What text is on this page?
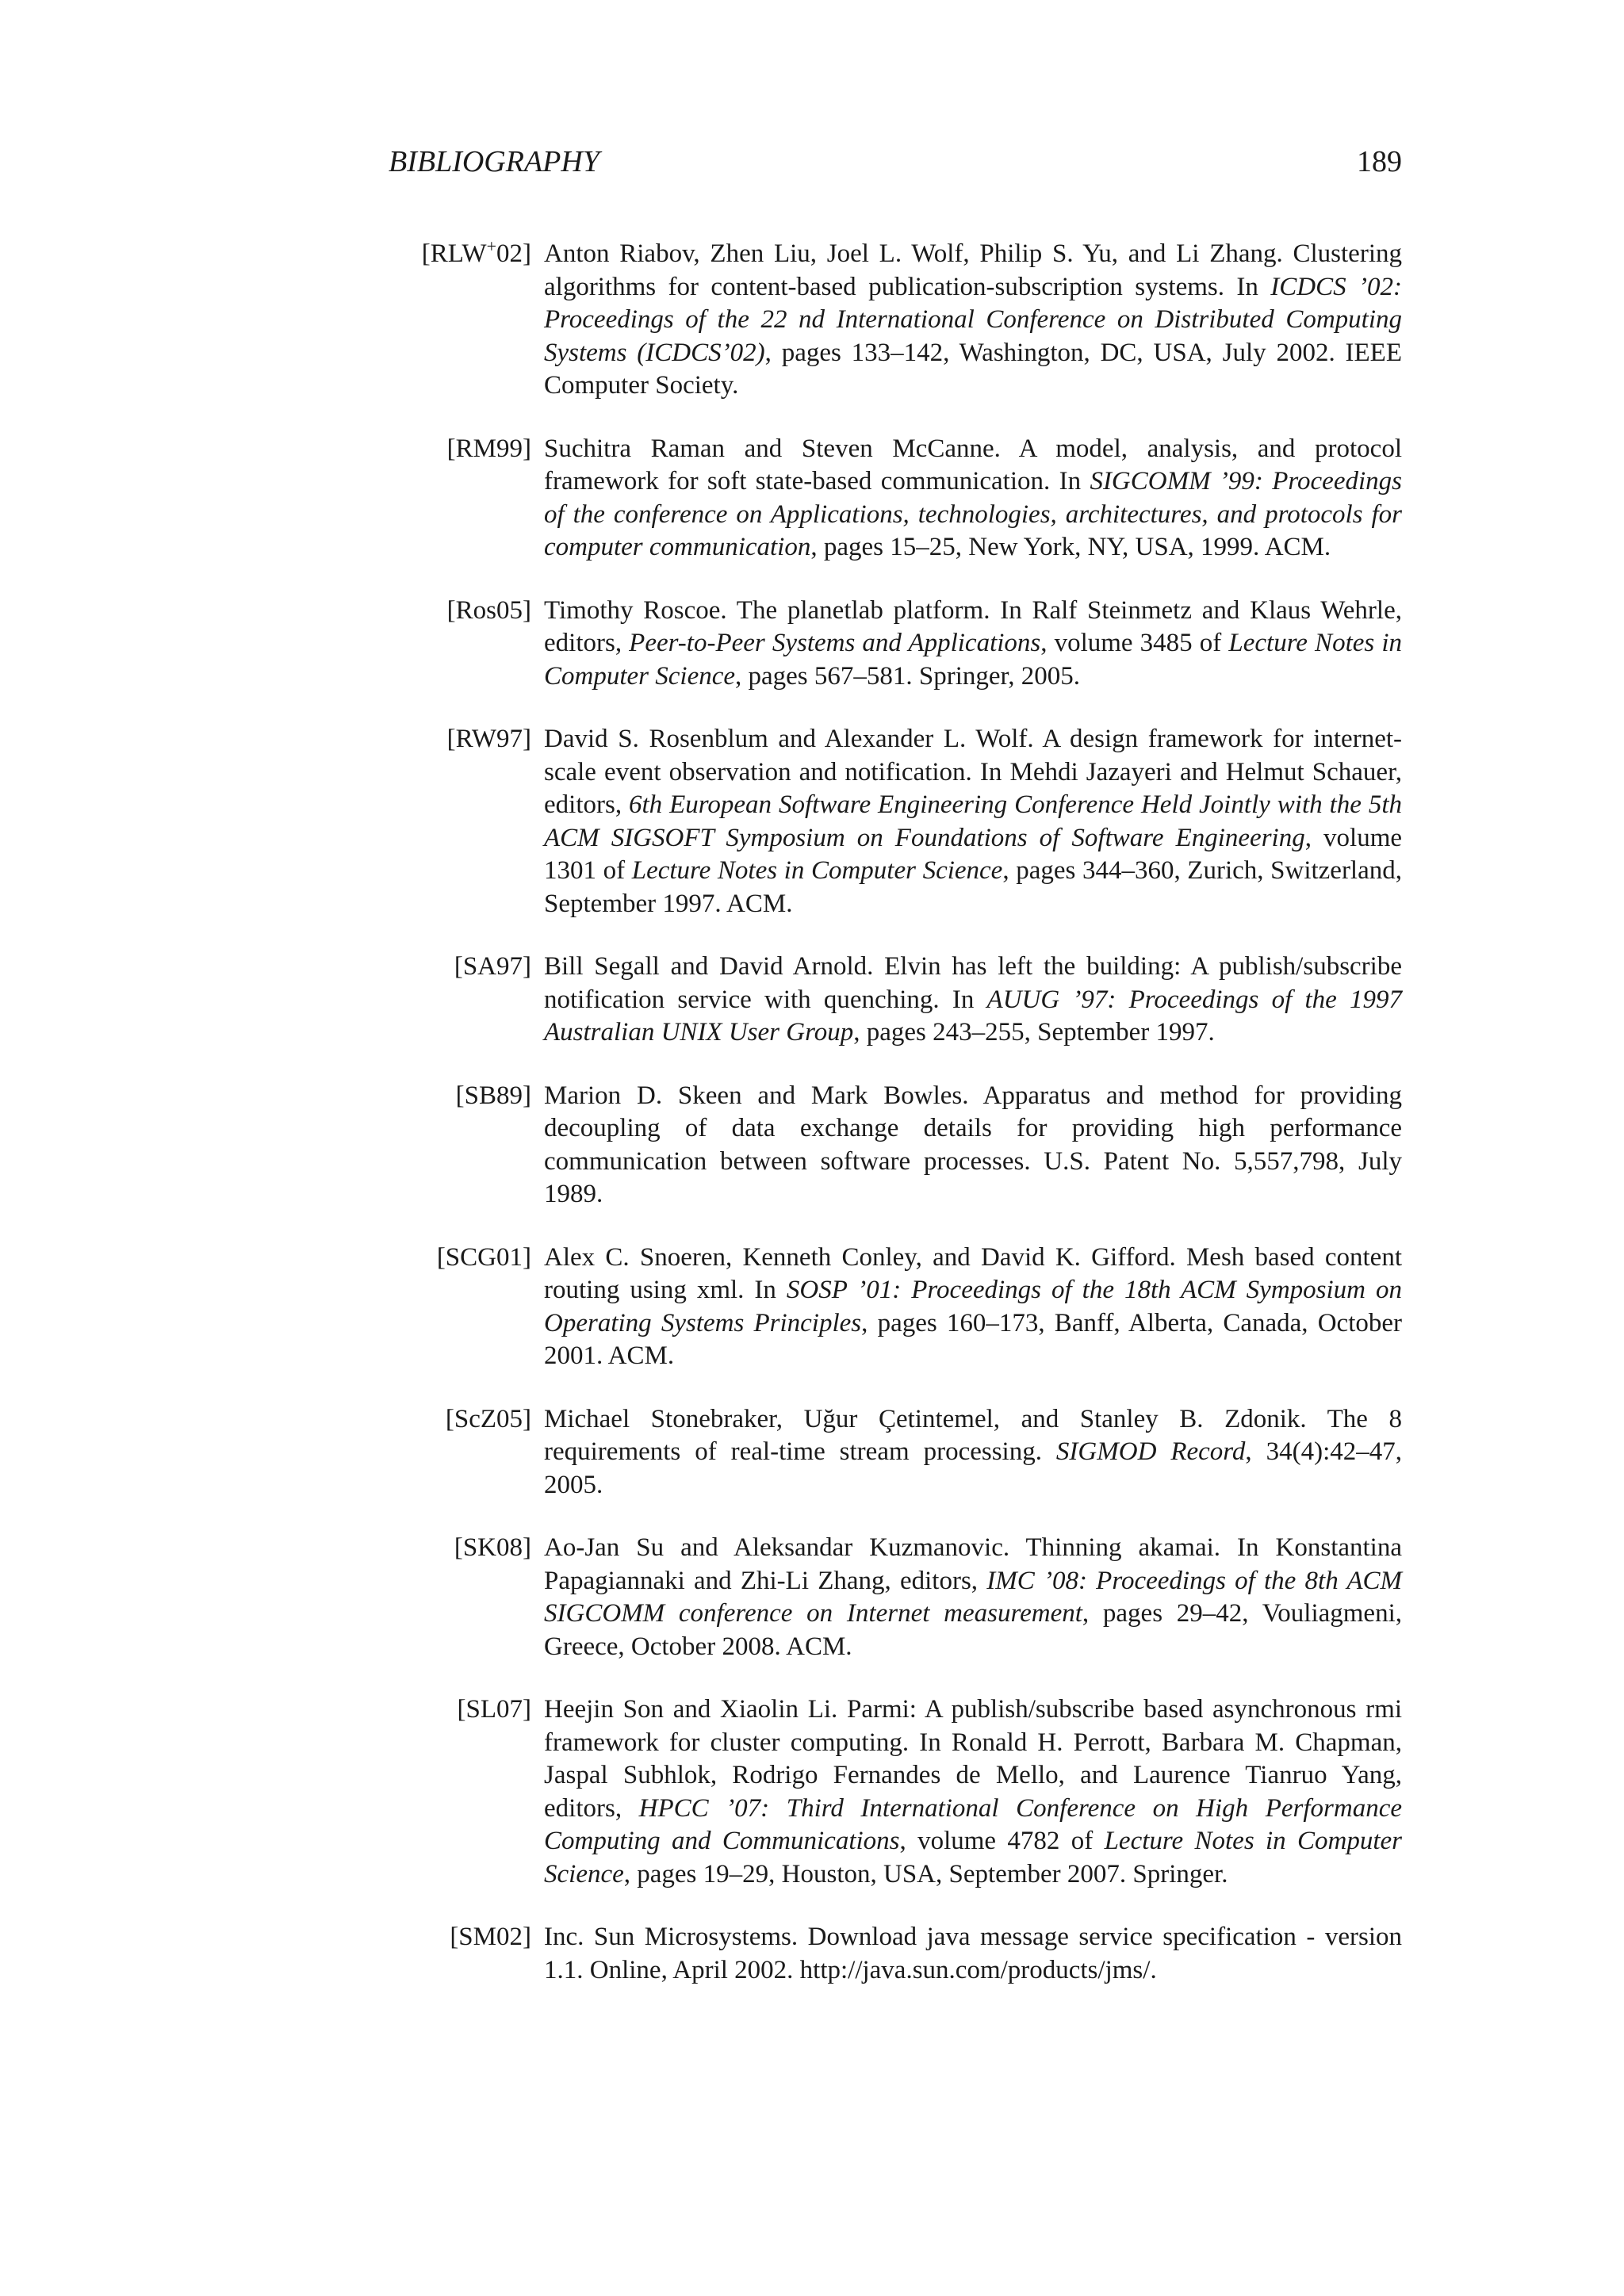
BIBLIOGRAPHY	189
[RLW+02] Anton Riabov, Zhen Liu, Joel L. Wolf, Philip S. Yu, and Li Zhang. Clustering algorithms for content-based publication-subscription systems. In ICDCS ’02: Proceedings of the 22 nd International Conference on Distributed Computing Systems (ICDCS’02), pages 133–142, Washington, DC, USA, July 2002. IEEE Computer Society.
[RM99] Suchitra Raman and Steven McCanne. A model, analysis, and protocol framework for soft state-based communication. In SIGCOMM ’99: Proceedings of the conference on Applications, technologies, architectures, and protocols for computer communication, pages 15–25, New York, NY, USA, 1999. ACM.
[Ros05] Timothy Roscoe. The planetlab platform. In Ralf Steinmetz and Klaus Wehrle, editors, Peer-to-Peer Systems and Applications, volume 3485 of Lecture Notes in Computer Science, pages 567–581. Springer, 2005.
[RW97] David S. Rosenblum and Alexander L. Wolf. A design framework for internet-scale event observation and notification. In Mehdi Jazayeri and Helmut Schauer, editors, 6th European Software Engineering Conference Held Jointly with the 5th ACM SIGSOFT Symposium on Foundations of Software Engineering, volume 1301 of Lecture Notes in Computer Science, pages 344–360, Zurich, Switzerland, September 1997. ACM.
[SA97] Bill Segall and David Arnold. Elvin has left the building: A publish/subscribe notification service with quenching. In AUUG ’97: Proceedings of the 1997 Australian UNIX User Group, pages 243–255, September 1997.
[SB89] Marion D. Skeen and Mark Bowles. Apparatus and method for providing decoupling of data exchange details for providing high performance communication between software processes. U.S. Patent No. 5,557,798, July 1989.
[SCG01] Alex C. Snoeren, Kenneth Conley, and David K. Gifford. Mesh based content routing using xml. In SOSP ’01: Proceedings of the 18th ACM Symposium on Operating Systems Principles, pages 160–173, Banff, Alberta, Canada, October 2001. ACM.
[ScZ05] Michael Stonebraker, Uğur Çetintemel, and Stanley B. Zdonik. The 8 requirements of real-time stream processing. SIGMOD Record, 34(4):42–47, 2005.
[SK08] Ao-Jan Su and Aleksandar Kuzmanovic. Thinning akamai. In Konstantina Papagiannaki and Zhi-Li Zhang, editors, IMC ’08: Proceedings of the 8th ACM SIGCOMM conference on Internet measurement, pages 29–42, Vouliagmeni, Greece, October 2008. ACM.
[SL07] Heejin Son and Xiaolin Li. Parmi: A publish/subscribe based asynchronous rmi framework for cluster computing. In Ronald H. Perrott, Barbara M. Chapman, Jaspal Subhlok, Rodrigo Fernandes de Mello, and Laurence Tianruo Yang, editors, HPCC ’07: Third International Conference on High Performance Computing and Communications, volume 4782 of Lecture Notes in Computer Science, pages 19–29, Houston, USA, September 2007. Springer.
[SM02] Inc. Sun Microsystems. Download java message service specification - version 1.1. Online, April 2002. http://java.sun.com/products/jms/.
